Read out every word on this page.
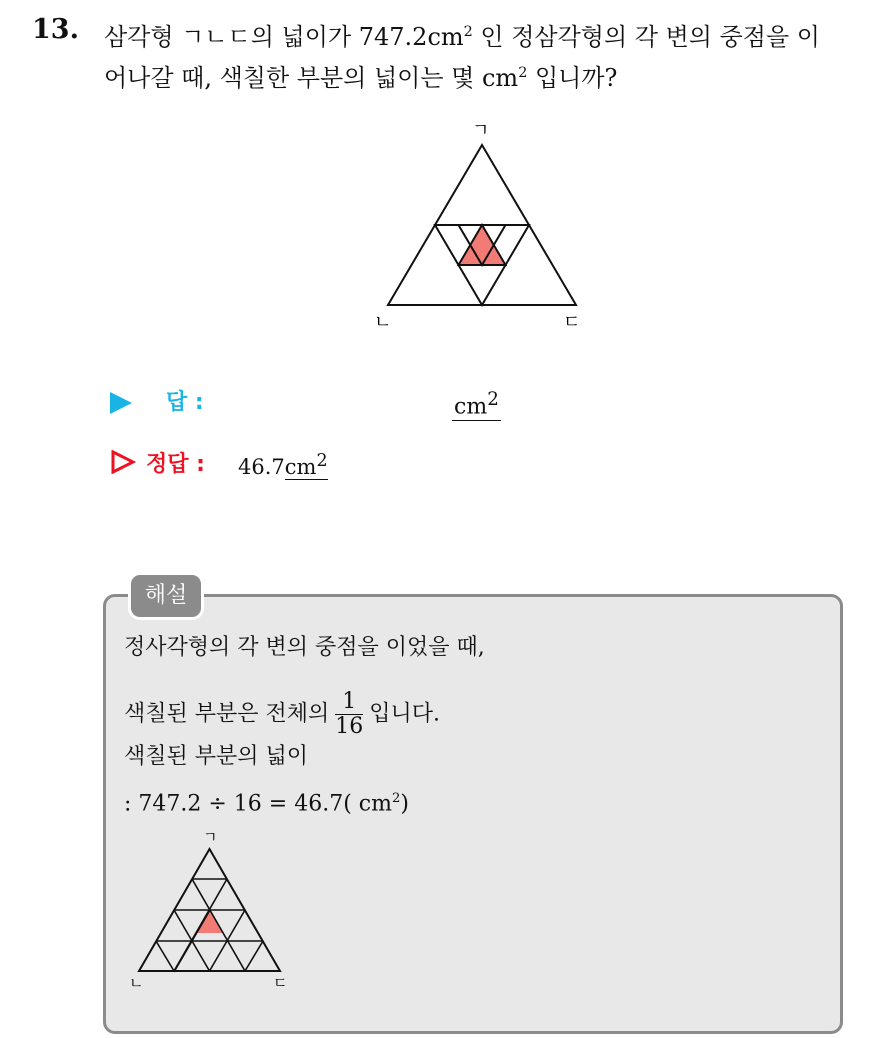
13. 삼각형 ㄱㄴㄷ의 넓이가 $747.2cm^2$ 인 정삼각형의 각 변의 중점을 이
어나갈 때, 색칠한 부분의 넓이는 몇 $cm^2$ 입니까?
ㄱ
ㄴ	ㄷ
답 :	$cm^2$
정답 : $46.7cm^2$
해설
정사각형의 각 변의 중점을 이었을 때,
색칠된 부분은 전체의 $\frac{1}{16}$ 입니다.
색칠된 부분의 넓이
: 747.2 ÷ 16 = 46.7( $cm^2$)
ㄱ
ㄴ	ㄷ
